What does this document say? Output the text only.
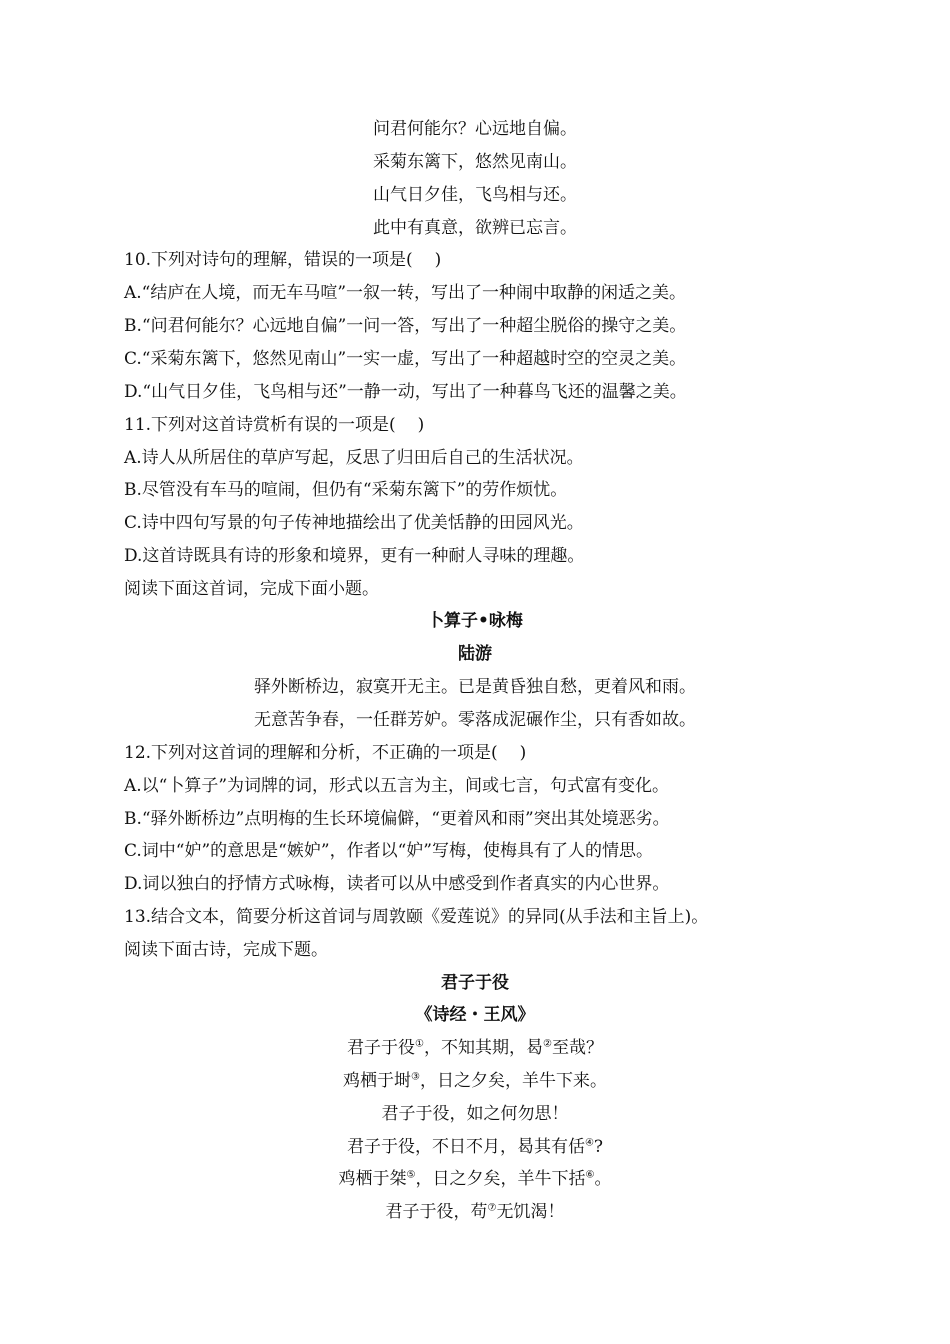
问君何能尔？心远地自偏。
采菊东篱下，悠然见南山。
山气日夕佳，飞鸟相与还。
此中有真意，欲辨已忘言。
10.下列对诗句的理解，错误的一项是( )
A.“结庐在人境，而无车马喧”一叙一转，写出了一种闹中取静的闲适之美。
B.“问君何能尔？心远地自偏”一问一答，写出了一种超尘脱俗的操守之美。
C.“采菊东篱下，悠然见南山”一实一虚，写出了一种超越时空的空灵之美。
D.“山气日夕佳，飞鸟相与还”一静一动，写出了一种暮鸟飞还的温馨之美。
11.下列对这首诗赏析有误的一项是( )
A.诗人从所居住的草庐写起，反思了归田后自己的生活状况。
B.尽管没有车马的喧闹，但仍有“采菊东篱下”的劳作烦忧。
C.诗中四句写景的句子传神地描绘出了优美恬静的田园风光。
D.这首诗既具有诗的形象和境界，更有一种耐人寻味的理趣。
阅读下面这首词，完成下面小题。
卜算子•咏梅
陆游
驿外断桥边，寂寞开无主。已是黄昏独自愁，更着风和雨。
无意苦争春，一任群芳妒。零落成泥碾作尘，只有香如故。
12.下列对这首词的理解和分析，不正确的一项是( )
A.以“卜算子”为词牌的词，形式以五言为主，间或七言，句式富有变化。
B.“驿外断桥边”点明梅的生长环境偏僻，“更着风和雨”突出其处境恶劣。
C.词中“妒”的意思是“嫉妒”，作者以“妒”写梅，使梅具有了人的情思。
D.词以独白的抒情方式咏梅，读者可以从中感受到作者真实的内心世界。
13.结合文本，简要分析这首词与周敦颐《爱莲说》的异同(从手法和主旨上)。
阅读下面古诗，完成下题。
君子于役
《诗经・王风》
君子于役①，不知其期，曷②至哉？
鸡栖于埘③，日之夕矣，羊牛下来。
君子于役，如之何勿思！
君子于役，不日不月，曷其有佸④?
鸡栖于桀⑤，日之夕矣，羊牛下括⑥。
君子于役，苟⑦无饥渴！
